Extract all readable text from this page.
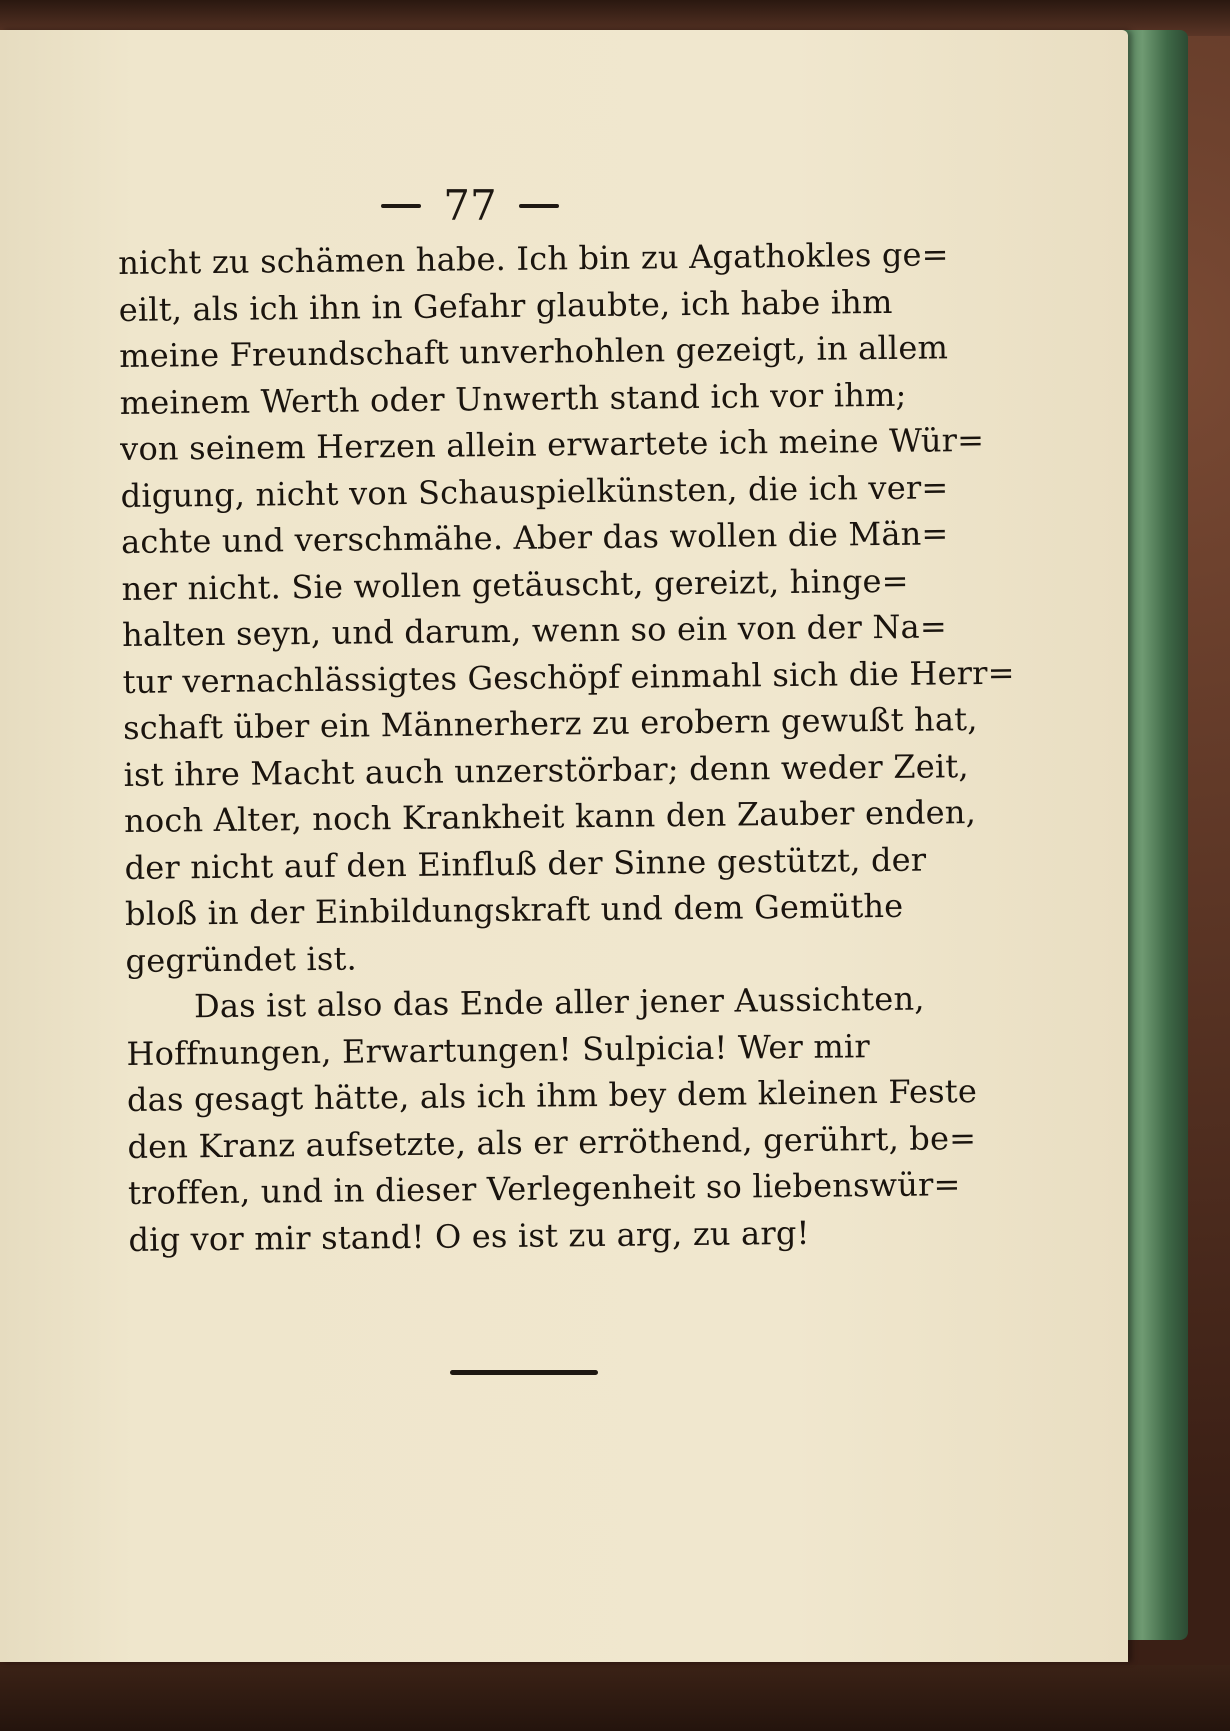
77
nicht zu schämen habe. Ich bin zu Agathokles ge=
eilt, als ich ihn in Gefahr glaubte, ich habe ihm
meine Freundschaft unverhohlen gezeigt, in allem
meinem Werth oder Unwerth stand ich vor ihm;
von seinem Herzen allein erwartete ich meine Wür=
digung, nicht von Schauspielkünsten, die ich ver=
achte und verschmähe. Aber das wollen die Män=
ner nicht. Sie wollen getäuscht, gereizt, hinge=
halten seyn, und darum, wenn so ein von der Na=
tur vernachlässigtes Geschöpf einmahl sich die Herr=
schaft über ein Männerherz zu erobern gewußt hat,
ist ihre Macht auch unzerstörbar; denn weder Zeit,
noch Alter, noch Krankheit kann den Zauber enden,
der nicht auf den Einfluß der Sinne gestützt, der
bloß in der Einbildungskraft und dem Gemüthe
gegründet ist.
Das ist also das Ende aller jener Aussichten,
Hoffnungen, Erwartungen! Sulpicia! Wer mir
das gesagt hätte, als ich ihm bey dem kleinen Feste
den Kranz aufsetzte, als er erröthend, gerührt, be=
troffen, und in dieser Verlegenheit so liebenswür=
dig vor mir stand! O es ist zu arg, zu arg!
